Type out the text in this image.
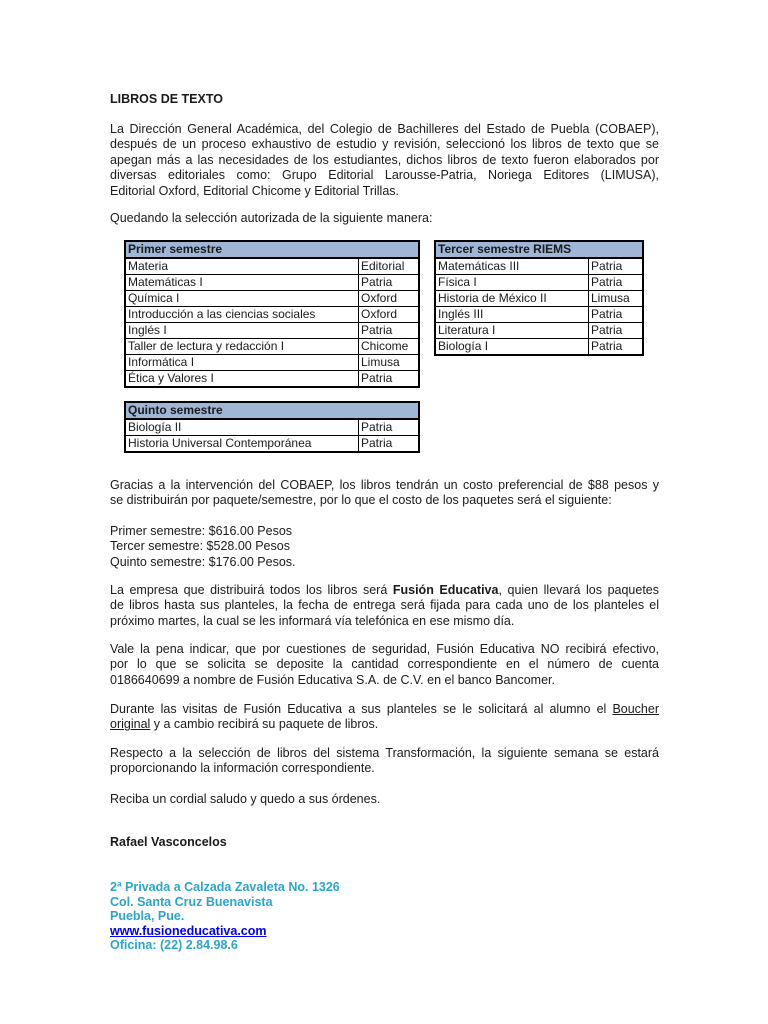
LIBROS DE TEXTO
La Dirección General Académica, del Colegio de Bachilleres del Estado de Puebla (COBAEP),
después de un proceso exhaustivo de estudio y revisión, seleccionó los libros de texto que se
apegan más a las necesidades de los estudiantes, dichos libros de texto fueron elaborados por
diversas editoriales como: Grupo Editorial Larousse-Patria, Noriega Editores (LIMUSA),
Editorial Oxford, Editorial Chicome y Editorial Trillas.
Quedando la selección autorizada de la siguiente manera:
Primer semestre	
Materia	Editorial
Matemáticas I	Patria
Química I	Oxford
Introducción a las ciencias sociales	Oxford
Inglés I	Patria
Taller de lectura y redacción I	Chicome
Informática I	Limusa
Ética y Valores I	Patria
Tercer semestre RIEMS	
Matemáticas III	Patria
Física I	Patria
Historia de México II	Limusa
Inglés III	Patria
Literatura I	Patria
Biología I	Patria
Quinto semestre	
Biología II	Patria
Historia Universal Contemporánea	Patria
Gracias a la intervención del COBAEP, los libros tendrán un costo preferencial de $88 pesos y
se distribuirán por paquete/semestre, por lo que el costo de los paquetes será el siguiente:
Primer semestre: $616.00 Pesos
Tercer semestre: $528.00 Pesos
Quinto semestre: $176.00 Pesos.
La empresa que distribuirá todos los libros será Fusión Educativa, quien llevará los paquetes
de libros hasta sus planteles, la fecha de entrega será fijada para cada uno de los planteles el
próximo martes, la cual se les informará vía telefónica en ese mismo día.
Vale la pena indicar, que por cuestiones de seguridad, Fusión Educativa NO recibirá efectivo,
por lo que se solicita se deposite la cantidad correspondiente en el número de cuenta
0186640699 a nombre de Fusión Educativa S.A. de C.V. en el banco Bancomer.
Durante las visitas de Fusión Educativa a sus planteles se le solicitará al alumno el Boucher
original y a cambio recibirá su paquete de libros.
Respecto a la selección de libros del sistema Transformación, la siguiente semana se estará
proporcionando la información correspondiente.
Reciba un cordial saludo y quedo a sus órdenes.
Rafael Vasconcelos
2ª Privada a Calzada Zavaleta No. 1326
Col. Santa Cruz Buenavista
Puebla, Pue.
www.fusioneducativa.com
Oficina: (22) 2.84.98.6
